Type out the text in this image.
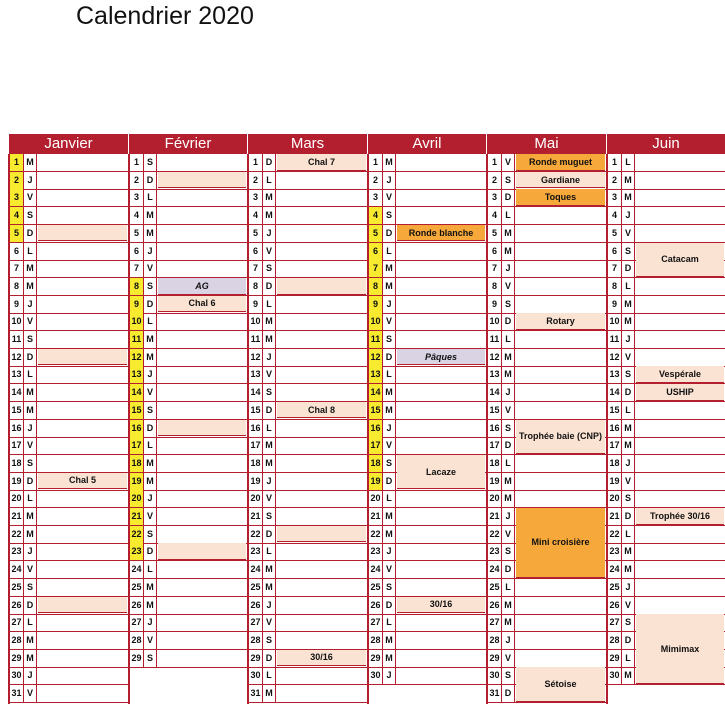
Calendrier 2020
Janvier
1 M
2 J
3 V
4 S
5 D
6 L
7 M
8 M
9 J
10 V
11 S
12 D
13 L
14 M
15 M
16 J
17 V
18 S
19 D
20 L
21 M
22 M
23 J
24 V
25 S
26 D
27 L
28 M
29 M
30 J
31 V
Chal 5
Février
1 S
2 D
3 L
4 M
5 M
6 J
7 V
8 S
9 D
10 L
11 M
12 M
13 J
14 V
15 S
16 D
17 L
18 M
19 M
20 J
21 V
22 S
23 D
24 L
25 M
26 M
27 J
28 V
29 S
AG
Chal 6
Mars
1 D
2 L
3 M
4 M
5 J
6 V
7 S
8 D
9 L
10 M
11 M
12 J
13 V
14 S
15 D
16 L
17 M
18 M
19 J
20 V
21 S
22 D
23 L
24 M
25 M
26 J
27 V
28 S
29 D
30 L
31 M
Chal 7
Chal 8
30/16
Avril
1 M
2 J
3 V
4 S
5 D
6 L
7 M
8 M
9 J
10 V
11 S
12 D
13 L
14 M
15 M
16 J
17 V
18 S
19 D
20 L
21 M
22 M
23 J
24 V
25 S
26 D
27 L
28 M
29 M
30 J
Ronde blanche
Pâques
Lacaze
30/16
Mai
1 V
2 S
3 D
4 L
5 M
6 M
7 J
8 V
9 S
10 D
11 L
12 M
13 M
14 J
15 V
16 S
17 D
18 L
19 M
20 M
21 J
22 V
23 S
24 D
25 L
26 M
27 M
28 J
29 V
30 S
31 D
Ronde muguet
Gardiane
Toques
Rotary
Trophée baie (CNP)
Mini croisière
Sétoise
Juin
1 L
2 M
3 M
4 J
5 V
6 S
7 D
8 L
9 M
10 M
11 J
12 V
13 S
14 D
15 L
16 M
17 M
18 J
19 V
20 S
21 D
22 L
23 M
24 M
25 J
26 V
27 S
28 D
29 L
30 M
Catacam
Vespérale
USHIP
Trophée 30/16
Mimimax
